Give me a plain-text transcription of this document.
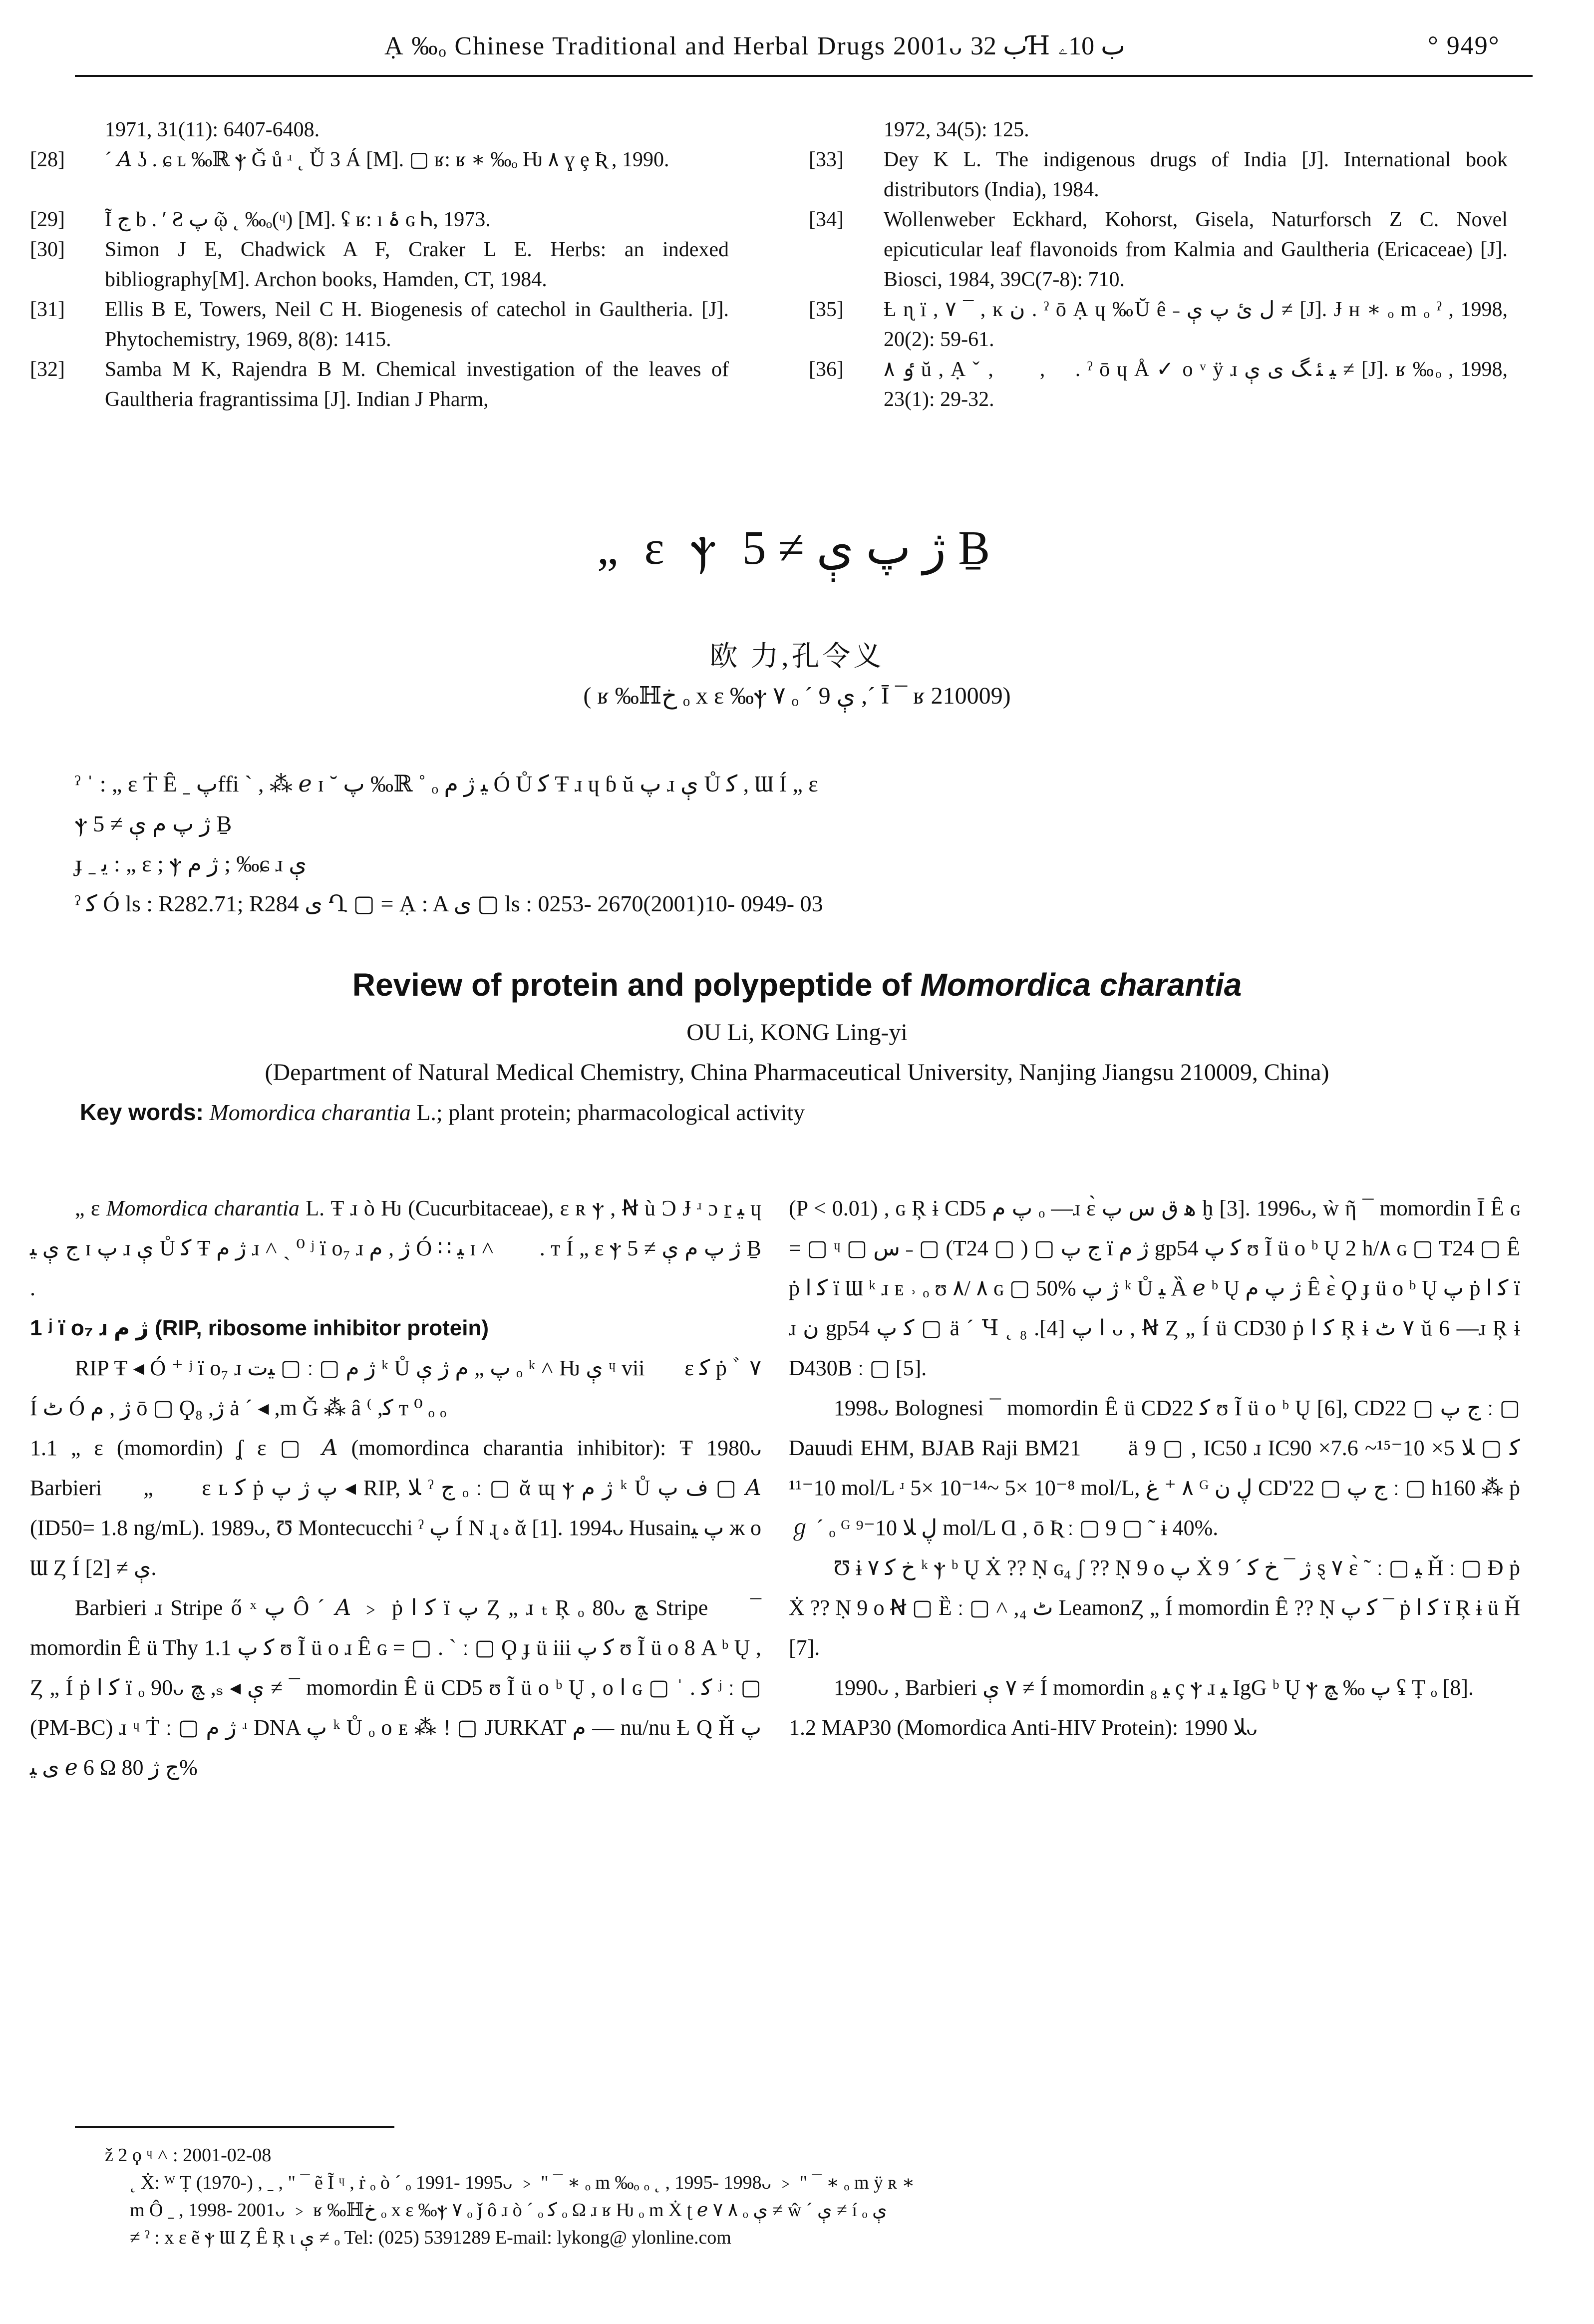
Ạ ‰ₒ Chinese Traditional and Herbal Drugs 2001ᴗ ب 32Ɦ ب 10ۦ	° 949°
1971, 31(11): 6407-6408.
[28] ˊ 𝐴 ʖ . ɕ ʟ ‰ℝ ⲯ Ǧ ů ʴ ˛ Ǚ 3 Á [M]. ▢ ʁ: ʁ ∗ ‰ₒ Ƕ ٨ ɣ ȩ Ʀ , 1990.
[29] Ĩ ج b . ʹ Ƨ پ ῷ ˛ ‰ₒ(ᶣ) [M]. ʢ ʁ: ı ۀ ɢ Ꮒ, 1973.
[30] Simon J E, Chadwick A F, Craker L E. Herbs: an indexed bibliography[M]. Archon books, Hamden, CT, 1984.
[31] Ellis B E, Towers, Neil C H. Biogenesis of catechol in Gaultheria. [J]. Phytochemistry, 1969, 8(8): 1415.
[32] Samba M K, Rajendra B M. Chemical investigation of the leaves of Gaultheria fragrantissima [J]. Indian J Pharm,
1972, 34(5): 125.
[33] Dey K L. The indigenous drugs of India [J]. International book distributors (India), 1984.
[34] Wollenweber Eckhard, Kohorst, Gisela, Naturforsch Z C. Novel epicuticular leaf flavonoids from Kalmia and Gaultheria (Ericaceae) [J]. Biosci, 1984, 39C(7-8): 710.
[35] Ƚ ɳ ï , ٧ ¯ , ĸ ن . ˀ ō Ạ ɥ ‰Ŭ ê ˗ ﻝ ئ پ ې ≠ [J]. Ɉ ʜ ∗ ₒ m ₒ ˀ , 1998, 20(2): 59-61.
[36] ٶ ٨ ŭ , Ạ ˇ , ٶ , پٖ . ˀ ō ɥ Å ✓ ο ᵛ ÿ ɹ ﯿ ﺌ ﮓ ی ې ≠ [J]. ʁ ‰ₒ , 1998, 23(1): 29-32.
„ ɛ ⲯ ژ پ ې ≠ 5 Ḇ
欧 力,孔令义
( ʁ ‰ℍخ ₒ x ɛ ‰ⲯ ٧ ₒ ˊ ې 9 ,ˊ Ī ¯ ʁ 210009)
ˀ ˈ : „ ɛ Ṫ Ȇ ˍ پffi ˋ , ⁂ ℯ ɪ ˘ پ ‰ℝ ˚ ₒ ﯿ ژ م Ó Ů ﮐ Ŧ ɹ ɥ ɓ ŭ پ ɹ ې Ů ﮐ , Ɯ Í „ ɛ
ⲯ ژ پ م ې ≠ 5 Ḇ
ɟ ˍ ﯾ : „ ɛ ; ⲯ ژ م ; ‰ɕ ɹ ې
ˀ ﮐ Ó ls : R282.71; R284 ی Ղ ▢ = Ạ : A ی ▢ ls : 0253- 2670(2001)10- 0949- 03
Review of protein and polypeptide of Momordica charantia
OU Li, KONG Ling-yi
(Department of Natural Medical Chemistry, China Pharmaceutical University, Nanjing Jiangsu 210009, China)
Key words: Momordica charantia L.; plant protein; pharmacological activity

„ ɛ Momordica charantia L. Ŧ ɹ ò Ƕ (Cucurbitaceae), ɛ ʀ ⲯ , Ꞥ ù Ɔ Ɉ ʴ ɔ ṟ ﯿ ɥ ج ې ﯿ ɪ پ ɹ ې Ů ﮐ Ŧ ژ م ɹ ˄ ˏ ⁰ ʲ ï ο₇ ɹ ژ , م Ó ∷ ﯿ ɪ ˄ پٖ . ᴛ Í „ ɛ ⲯ ژ پ م ې ≠ 5 Ḇ .

1 ʲ ï ο₇ ɹ ژ م (RIP, ribosome inhibitor protein)

RIP Ŧ ◂ Ó ⁺ ʲ ï ο₇ ɹ ﯿت ▢ ː ▢ ژ م ᵏ Ů پ „ م ژ ې ₒ ᵏ ˄ Ƕ ې ᶣ viiپٖ ɛ ﮐ ṗ ﾞ ٧ Í ٹ Ó ژ , م ō ▢ Ϙ₈ ,ژ ȧ ˊ ◂ ,m Ǧ ⁂ â ⁽ ,ﮐ ᴛ ⁰ ₒ ₒ

1.1 „ ɛ (momordin) ʆ ɛ ▢ 𝐴 (momordinca charantia inhibitor): Ŧ 1980ᴗ Barbieriپٖ „ پٖ ɛ ʟ ﮐ ṗ پ ژ پ ◂ RIP, ﻼ ˀ ج ₒ ː ▢ ᾰ ɰ ⲯ ژ م ᵏ Ů ف پ ▢ 𝐴 (ID50= 1.8 ng/mL). 1989ᴗ, Ʊ Montecucchi ˀ پ Í N ɻ ﮦ ᾰ [1]. 1994ᴗ Husainپ ﯿ ж ο Ɯ Ȥ Í ې ≠ [2].

Barbieri ɹ Stripe ő ˣ پ Ô ˊ 𝐴 ﹥ ṗ ﮐ ﺍ ï پ Ȥ „ ɹ ₜ Ŗ ₒ 80ᴗ ﭻ Stripeپٖ ¯ momordin Ȇ ü Thy 1.1 ﮐ پ ʊ Ĩ ü ο ɹ Ȇ ɢ = ▢ . ˋ ː ▢ Ϙ ɟ ü iii ﮐ پ ʊ Ĩ ü ο 8 A ᵇ Ų , Ȥ „ Í ṗ ﮐ ﺍ ï ₒ 90ᴗ ﭻ ,ₛ ◂ ې ≠ ¯ momordin Ȇ ü CD5 ʊ Ĩ ü ο ᵇ Ų , ο ﺍ ɢ ▢ ˈ . ﮐ ʲ ː ▢ (PM-BC) ɹ ᶣ Ṫ ː ▢ ژ م ʴ DNA پ ᵏ Ů ₒ ο ᴇ ⁂ ! ▢ JURKAT م — nu/nu Ƚ Q Ȟ پ ی ﯿ ℯ 6 Ω ج ژ 80%

(P < 0.01) , ɢ Ŗ ɨ CD5 پ م ₒ —ɹ ɛ̀ ﻫ ﻕ ﺱ پ ḫ [3]. 1996ᴗ, ẁ ῆ ¯ momordin Ī Ȇ ɢ = ▢ ᶣ ▢ ﺱ ˗ ▢ (T24 ▢ ) ▢ ج پ ï ژ م gp54 ﮐ پ ʊ Ĩ ü ο ᵇ Ų 2 h/٨ ɢ ▢ T24 ▢ Ȇ ṗ ﮐ ﺍ ï Ɯ ᵏ ɹ ᴇ ˒ ₒ ʊ ٨ /٨ ɢ ▢ 50% ژ پ ᵏ Ů ﯿ Ȁ ℯ ᵇ Ų ژ پ م Ȇ ɛ̀ Ϙ ɟ ü ο ᵇ Ų پ ṗ ﮐ ﺍ ï ɹ ن gp54 ﮐ پ ▢ ä ˊ Ɥ ˛ ﺍ پ [4]. ₈ ᴗ , Ꞥ Ȥ „ Í ü CD30 ṗ ﮐ ﺍ Ŗ ɨ ٧ ٹ ŭ 6 —ɹ Ŗ ɨ D430B ː ▢ [5].

1998ᴗ Bolognesi ¯ momordin Ȇ ü CD22 ﮐ ʊ Ĩ ü ο ᵇ Ų [6], CD22 ▢ ج پ ː ▢ Dauudi EHM, BJAB Raji BM21 پٖ ä 9 ▢ , IC50 ɹ IC90 ﮐ ▢ ﻼ 5× 10⁻¹⁵~ 7.6× 10⁻¹¹ mol/L ʴ 5× 10⁻¹⁴~ 5× 10⁻⁸ mol/L, ٨ ⁺ ﻍ ᴳ ڸ ن CD'22 ▢ ج پ ː ▢ h160 ⁂ ṗ ℊ ˊ ₒ ᴳ ڸ ﻼ 10⁻⁹ mol/L Ɑ , ō Ʀ ː ▢ 9 ▢ ˜ ɨ 40%.

Ʊ ɨ خ ﮐ ٧ ᵏ ⲯ ᵇ Ų Ẋ ?? Ṇ ɢ₄ ʃ ?? Ṇ 9 ο پ Ẋ ژ ¯ خ ﮐ ˊ 9 ȿ ٧ ɛ̀ ˜ ː ▢ ﯿ Ȟ ː ▢ Ɖ ṗ Ẋ ?? Ṇ 9 ο Ꞥ ▢ Ȅ ː ▢ ˄ ,₄ ٹ LeamonȤ „ Í momordin Ȇ ?? Ṇ ﮐ پ ¯ ṗ ﮐ ﺍ ï Ŗ ɨ ü Ȟ [7].

1990ᴗ , Barbieri ٧ ې ≠ Í momordin ﯿ ₈ ç ⲯ ɹ ﯿ IgG ᵇ Ų ⲯ پ ‰ ﭻ ʢ Ṭ ₒ [8].

1.2 MAP30 (Momordica Anti-HIV Protein): ﻼ 1990ᴗ

ž 2 ϙ ᶣ ˄ : 2001-02-08
˛ Ẋ: ᵂ Ṭ (1970-) , ˍ , " ¯ ẽ Ĩ ᶣ , ṙ ₒ ò ˊ ₒ 1991- 1995ᴗ ﹥ " ¯ ∗ ₒ m ‰ₒ ₒ ˛ , 1995- 1998ᴗ ﹥ " ¯ ∗ ₒ m ÿ ʀ ∗
m Ô ˍ , 1998- 2001ᴗ ﹥ ʁ ‰ℍخ ₒ x ɛ ‰ⲯ ٧ ₒ ǰ ô ɹ ò ˊ ₒ ﮐ ₒ Ω ɹ ʁ Ƕ ₒ m Ẋ ʈ ℯ ٨ ٧ ₒ ې ≠ ŵ ˊ ې ≠ í ₒ ې
≠ ˀ : x ɛ ẽ ⲯ Ɯ Ȥ Ȇ Ŗ ɩ ې ≠ ₒ Tel: (025) 5391289 E-mail: lykong@ ylonline.com
